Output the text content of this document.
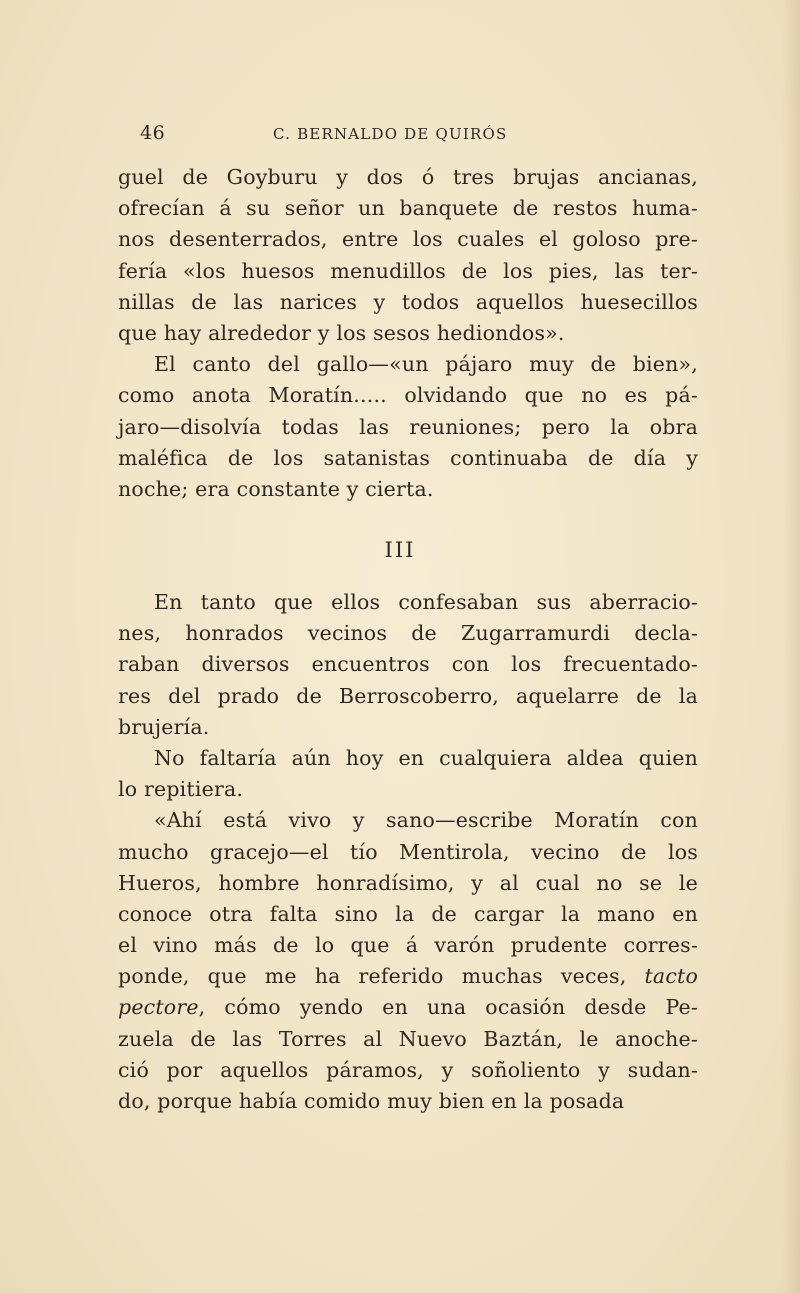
46	C. BERNALDO DE QUIRÓS
guel de Goyburu y dos ó tres brujas ancianas,
ofrecían á su señor un banquete de restos huma-
nos desenterrados, entre los cuales el goloso pre-
fería «los huesos menudillos de los pies, las ter-
nillas de las narices y todos aquellos huesecillos
que hay alrededor y los sesos hediondos».
El canto del gallo—«un pájaro muy de bien»,
como anota Moratín..... olvidando que no es pá-
jaro—disolvía todas las reuniones; pero la obra
maléfica de los satanistas continuaba de día y
noche; era constante y cierta.
III
En tanto que ellos confesaban sus aberracio-
nes, honrados vecinos de Zugarramurdi decla-
raban diversos encuentros con los frecuentado-
res del prado de Berroscoberro, aquelarre de la
brujería.
No faltaría aún hoy en cualquiera aldea quien
lo repitiera.
«Ahí está vivo y sano—escribe Moratín con
mucho gracejo—el tío Mentirola, vecino de los
Hueros, hombre honradísimo, y al cual no se le
conoce otra falta sino la de cargar la mano en
el vino más de lo que á varón prudente corres-
ponde, que me ha referido muchas veces, tacto
pectore, cómo yendo en una ocasión desde Pe-
zuela de las Torres al Nuevo Baztán, le anoche-
ció por aquellos páramos, y soñoliento y sudan-
do, porque había comido muy bien en la posada
